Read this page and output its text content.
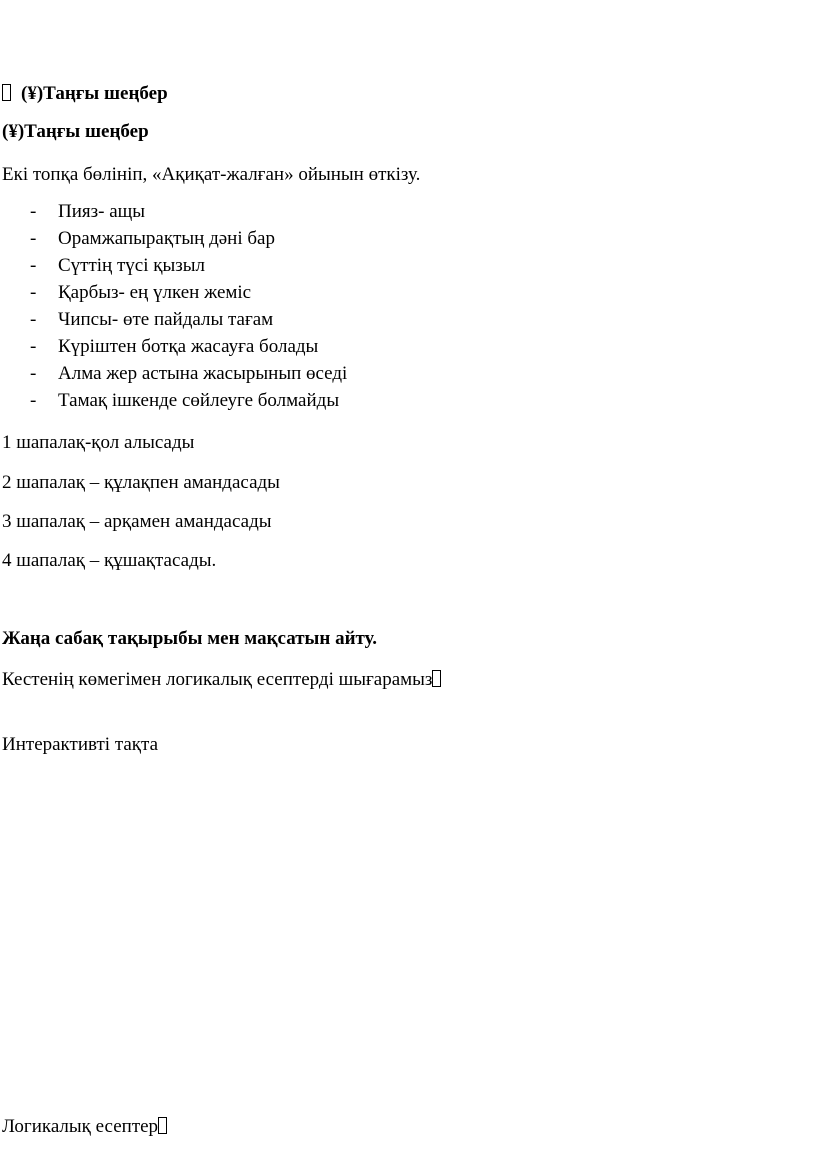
(¥)Таңғы шеңбер
(¥)Таңғы шеңбер
Екі топқа бөлініп, «Ақиқат-жалған» ойынын өткізу.
- Пияз- ащы
- Орамжапырақтың дәні бар
- Сүттің түсі қызыл
- Қарбыз- ең үлкен жеміс
- Чипсы- өте пайдалы тағам
- Күріштен ботқа жасауға болады
- Алма жер астына жасырынып өседі
- Тамақ ішкенде сөйлеуге болмайды
1 шапалақ-қол алысады
2 шапалақ – құлақпен амандасады
3 шапалақ – арқамен амандасады
4 шапалақ – құшақтасады.
Жаңа сабақ тақырыбы мен мақсатын айту.
Кестенің көмегімен логикалық есептерді шығарамыз
Интерактивті тақта
Логикалық есептер
